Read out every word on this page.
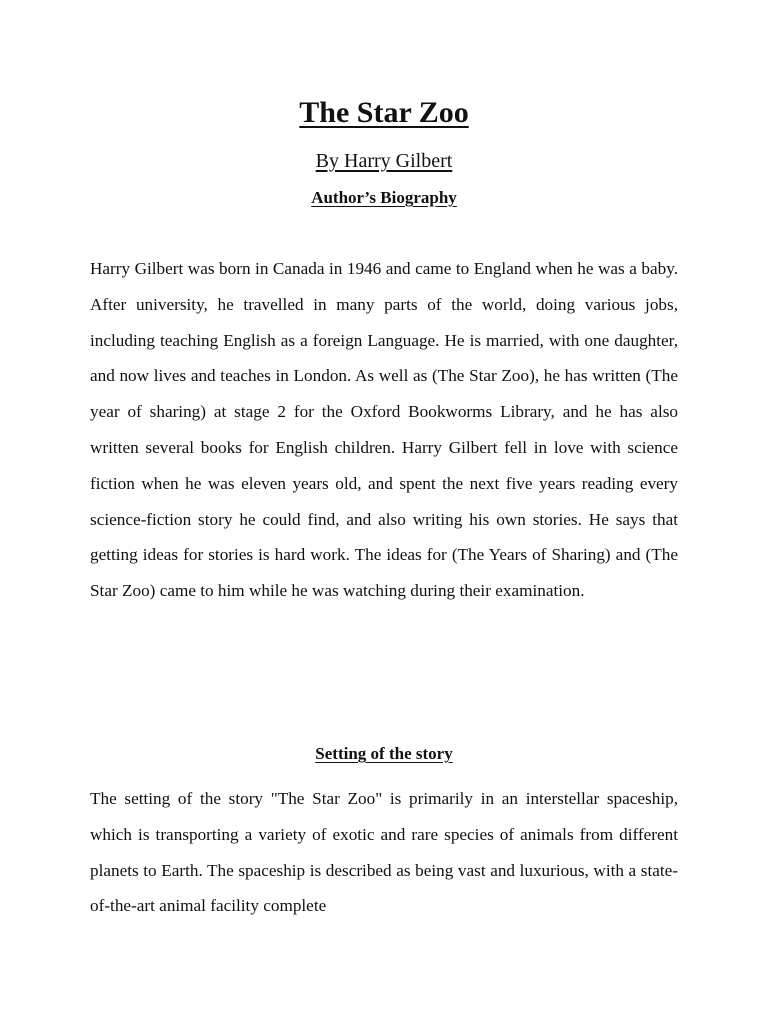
The Star Zoo
By Harry Gilbert
Author’s Biography

Harry Gilbert was born in Canada in 1946 and came to England when he was a baby. After university, he travelled in many parts of the world, doing various jobs, including teaching English as a foreign Language. He is married, with one daughter, and now lives and teaches in London. As well as (The Star Zoo), he has written (The year of sharing) at stage 2 for the Oxford Bookworms Library, and he has also written several books for English children. Harry Gilbert fell in love with science fiction when he was eleven years old, and spent the next five years reading every science-fiction story he could find, and also writing his own stories. He says that getting ideas for stories is hard work. The ideas for (The Years of Sharing) and (The Star Zoo) came to him while he was watching during their examination.

Setting of the story

The setting of the story "The Star Zoo" is primarily in an interstellar spaceship, which is transporting a variety of exotic and rare species of animals from different planets to Earth. The spaceship is described as being vast and luxurious, with a state-of-the-art animal facility complete
